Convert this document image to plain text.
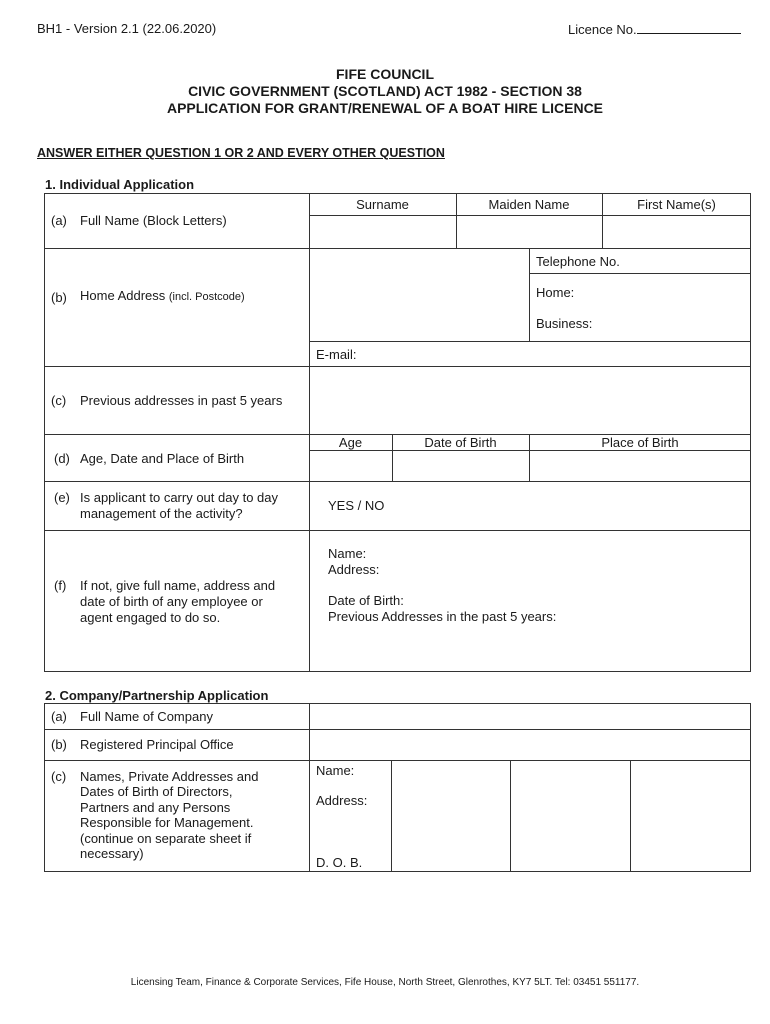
BH1 - Version 2.1 (22.06.2020)	Licence No.
FIFE COUNCIL
CIVIC GOVERNMENT (SCOTLAND) ACT 1982 - SECTION 38
APPLICATION FOR GRANT/RENEWAL OF A BOAT HIRE LICENCE
ANSWER EITHER QUESTION 1 OR 2 AND EVERY OTHER QUESTION
1. Individual Application
(a) Full Name (Block Letters)
Surname	Maiden Name	First Name(s)
(b) Home Address (incl. Postcode)
Telephone No.
Home:
Business:
E-mail:
(c) Previous addresses in past 5 years
(d) Age, Date and Place of Birth
Age	Date of Birth	Place of Birth
(e) Is applicant to carry out day to day
management of the activity?
YES / NO
(f) If not, give full name, address and
date of birth of any employee or
agent engaged to do so.
Name:
Address:
Date of Birth:
Previous Addresses in the past 5 years:
2. Company/Partnership Application
(a) Full Name of Company
(b) Registered Principal Office
(c) Names, Private Addresses and
Dates of Birth of Directors,
Partners and any Persons
Responsible for Management.
(continue on separate sheet if
necessary)
Name:
Address:
D. O. B.
Licensing Team, Finance & Corporate Services, Fife House, North Street, Glenrothes, KY7 5LT. Tel: 03451 551177.
